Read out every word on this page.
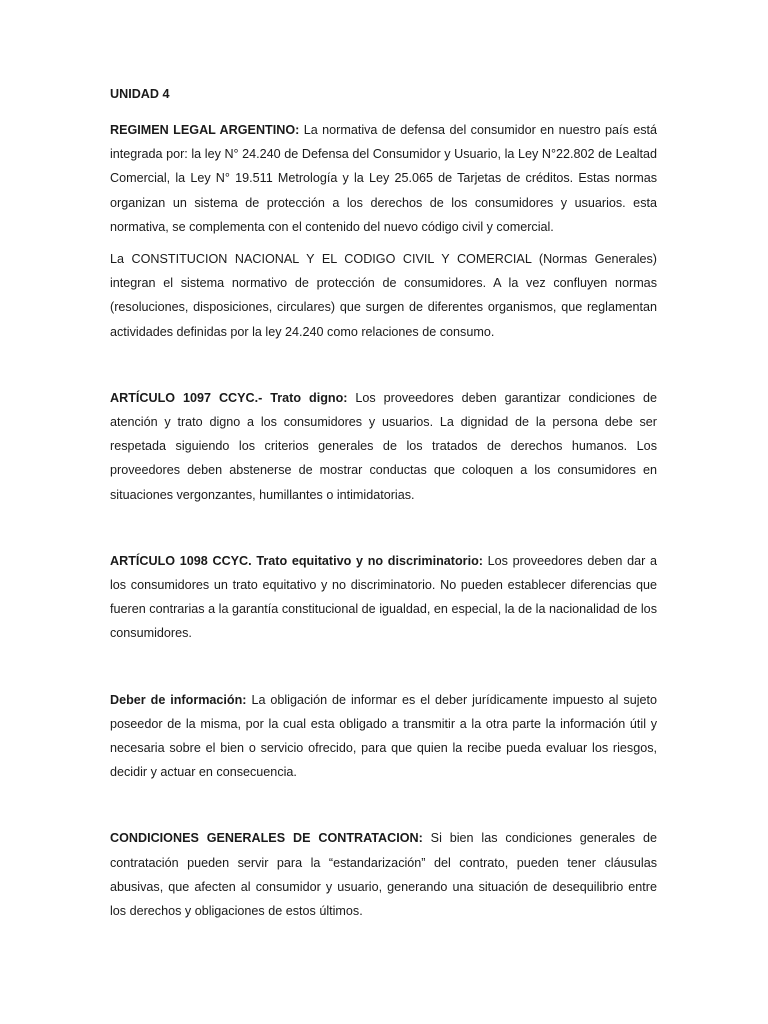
UNIDAD 4

REGIMEN LEGAL ARGENTINO: La normativa de defensa del consumidor en nuestro país está integrada por: la ley N° 24.240 de Defensa del Consumidor y Usuario, la Ley N°22.802 de Lealtad Comercial, la Ley N° 19.511 Metrología y la Ley 25.065 de Tarjetas de créditos. Estas normas organizan un sistema de protección a los derechos de los consumidores y usuarios. esta normativa, se complementa con el contenido del nuevo código civil y comercial.

La CONSTITUCION NACIONAL Y EL CODIGO CIVIL Y COMERCIAL (Normas Generales) integran el sistema normativo de protección de consumidores. A la vez confluyen normas (resoluciones, disposiciones, circulares) que surgen de diferentes organismos, que reglamentan actividades definidas por la ley 24.240 como relaciones de consumo.

ARTÍCULO 1097 CCYC.- Trato digno: Los proveedores deben garantizar condiciones de atención y trato digno a los consumidores y usuarios. La dignidad de la persona debe ser respetada siguiendo los criterios generales de los tratados de derechos humanos. Los proveedores deben abstenerse de mostrar conductas que coloquen a los consumidores en situaciones vergonzantes, humillantes o intimidatorias.

ARTÍCULO 1098 CCYC. Trato equitativo y no discriminatorio: Los proveedores deben dar a los consumidores un trato equitativo y no discriminatorio. No pueden establecer diferencias que fueren contrarias a la garantía constitucional de igualdad, en especial, la de la nacionalidad de los consumidores.

Deber de información: La obligación de informar es el deber jurídicamente impuesto al sujeto poseedor de la misma, por la cual esta obligado a transmitir a la otra parte la información útil y necesaria sobre el bien o servicio ofrecido, para que quien la recibe pueda evaluar los riesgos, decidir y actuar en consecuencia.

CONDICIONES GENERALES DE CONTRATACION: Si bien las condiciones generales de contratación pueden servir para la “estandarización” del contrato, pueden tener cláusulas abusivas, que afecten al consumidor y usuario, generando una situación de desequilibrio entre los derechos y obligaciones de estos últimos.
